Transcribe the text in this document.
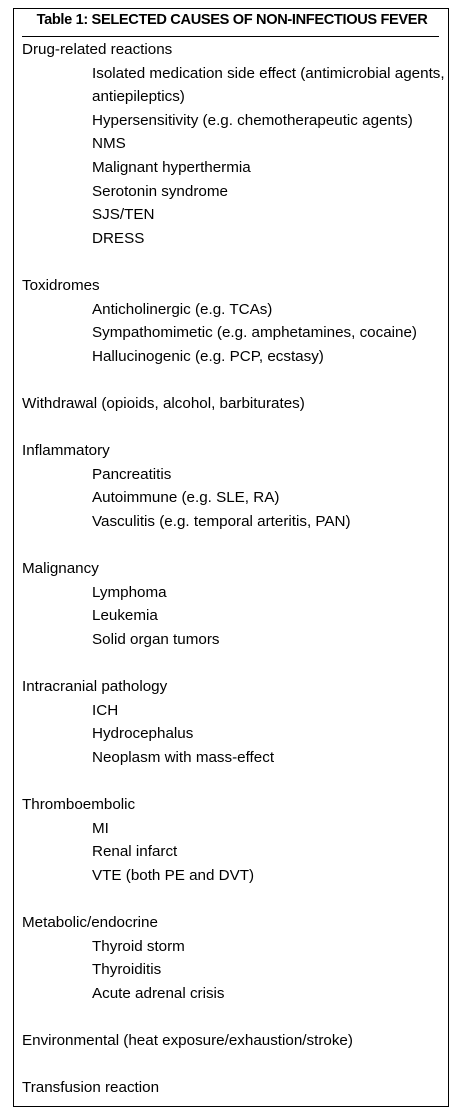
Table 1: SELECTED CAUSES OF NON-INFECTIOUS FEVER

Drug-related reactions

Isolated medication side effect (antimicrobial agents, antiepileptics)

Hypersensitivity (e.g. chemotherapeutic agents)

NMS

Malignant hyperthermia

Serotonin syndrome

SJS/TEN

DRESS

Toxidromes

Anticholinergic (e.g. TCAs)

Sympathomimetic (e.g. amphetamines, cocaine)

Hallucinogenic (e.g. PCP, ecstasy)

Withdrawal (opioids, alcohol, barbiturates)

Inflammatory

Pancreatitis

Autoimmune (e.g. SLE, RA)

Vasculitis (e.g. temporal arteritis, PAN)

Malignancy

Lymphoma

Leukemia

Solid organ tumors

Intracranial pathology

ICH

Hydrocephalus

Neoplasm with mass-effect

Thromboembolic

MI

Renal infarct

VTE (both PE and DVT)

Metabolic/endocrine

Thyroid storm

Thyroiditis

Acute adrenal crisis

Environmental (heat exposure/exhaustion/stroke)

Transfusion reaction
